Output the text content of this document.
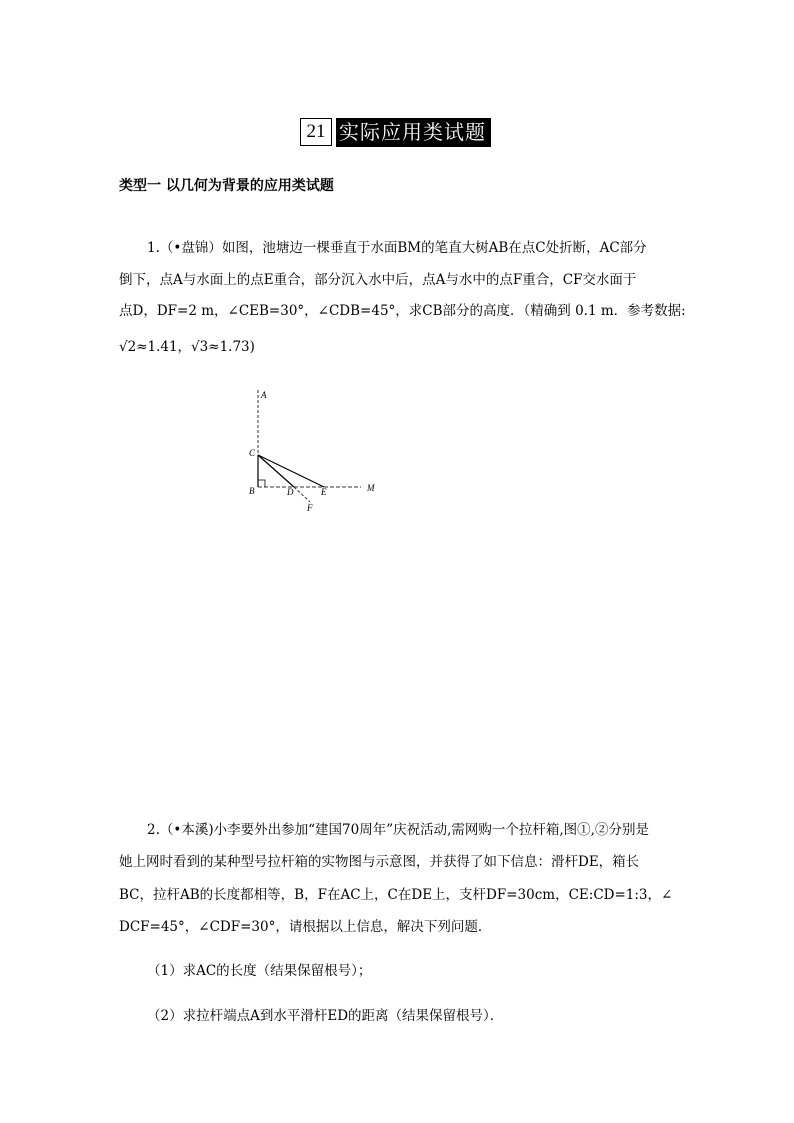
21 实际应用类试题
类型一 以几何为背景的应用类试题
1.（•盘锦）如图，池塘边一棵垂直于水面BM的笔直大树AB在点C处折断，AC部分
倒下，点A与水面上的点E重合，部分沉入水中后，点A与水中的点F重合，CF交水面于
点D，DF=2 m，∠CEB=30°，∠CDB=45°，求CB部分的高度．（精确到 0.1 m．参考数据:
√2≈1.41，√3≈1.73)
A
C
B	D	E	M
F
2.（•本溪)小李要外出参加“建国70周年”庆祝活动,需网购一个拉杆箱,图①,②分别是
她上网时看到的某种型号拉杆箱的实物图与示意图，并获得了如下信息：滑杆DE，箱长
BC，拉杆AB的长度都相等，B，F在AC上，C在DE上，支杆DF=30cm，CE:CD=1:3，∠
DCF=45°，∠CDF=30°，请根据以上信息，解决下列问题．
（1）求AC的长度（结果保留根号）；
（2）求拉杆端点A到水平滑杆ED的距离（结果保留根号）．
